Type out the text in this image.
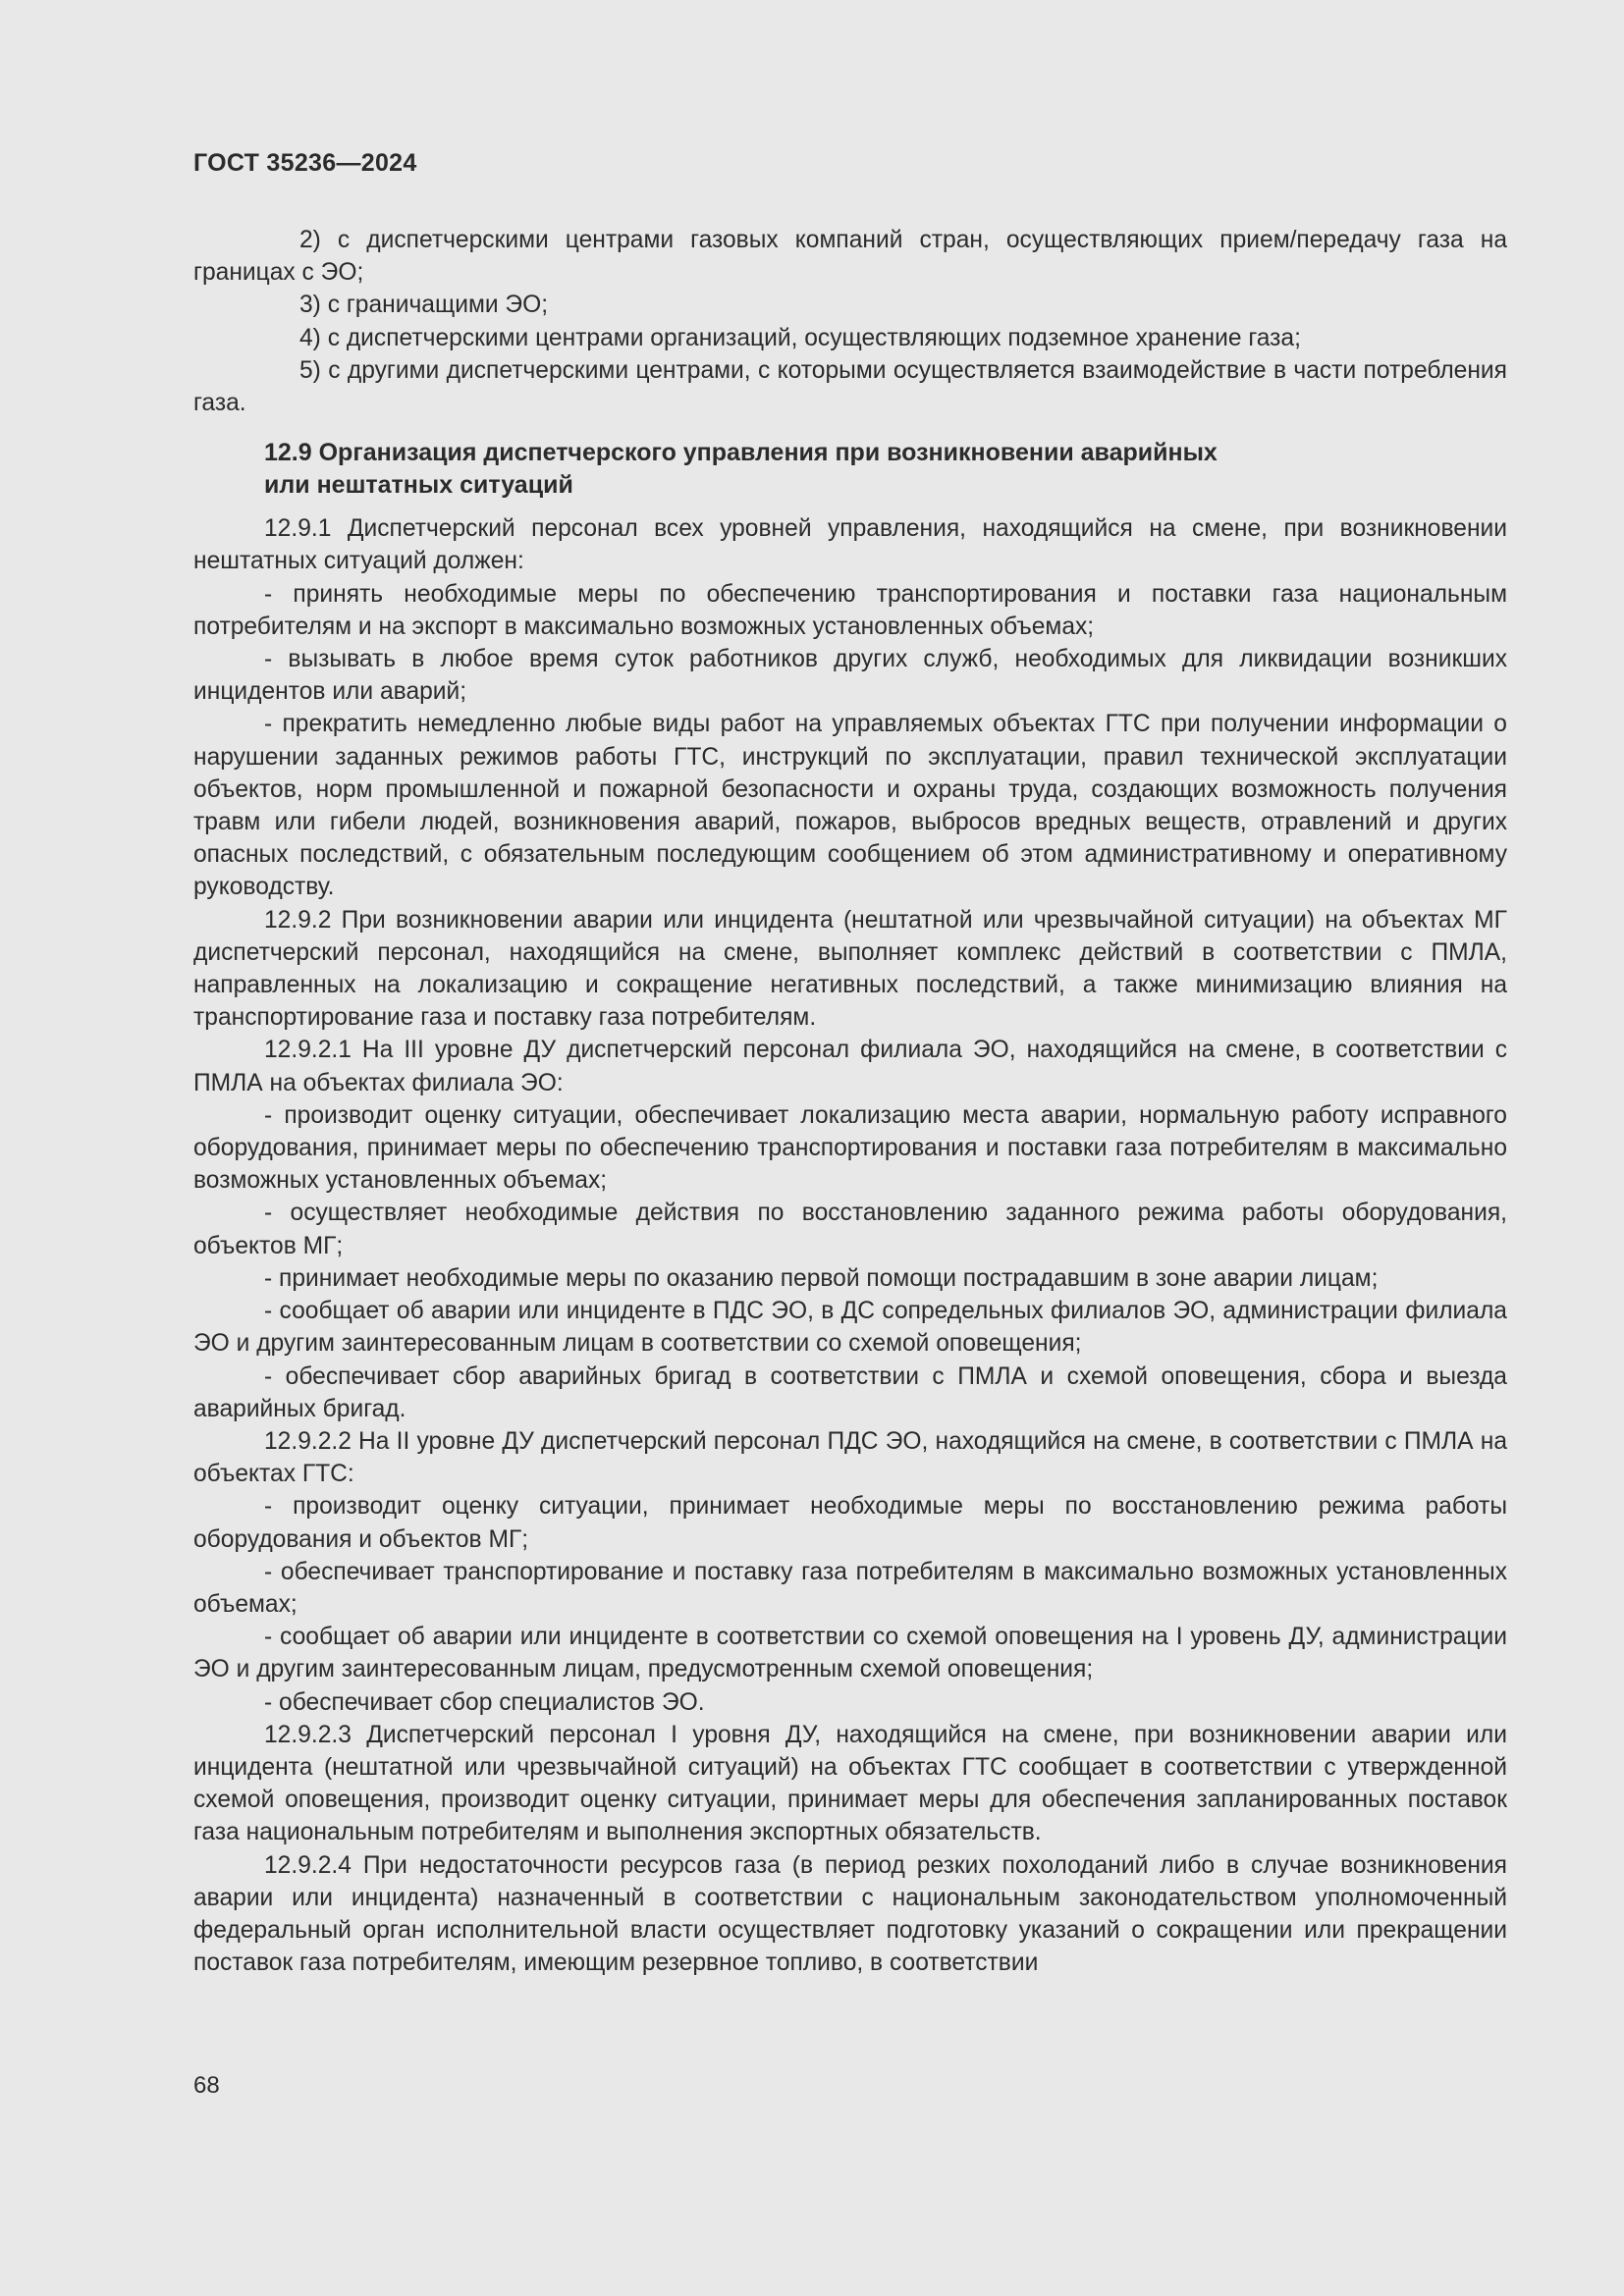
ГОСТ 35236—2024

2) с диспетчерскими центрами газовых компаний стран, осуществляющих прием/передачу газа на границах с ЭО;

3) с граничащими ЭО;

4) с диспетчерскими центрами организаций, осуществляющих подземное хранение газа;

5) с другими диспетчерскими центрами, с которыми осуществляется взаимодействие в части потребления газа.

12.9 Организация диспетчерского управления при возникновении аварийных
или нештатных ситуаций

12.9.1 Диспетчерский персонал всех уровней управления, находящийся на смене, при возникновении нештатных ситуаций должен:

- принять необходимые меры по обеспечению транспортирования и поставки газа национальным потребителям и на экспорт в максимально возможных установленных объемах;

- вызывать в любое время суток работников других служб, необходимых для ликвидации возникших инцидентов или аварий;

- прекратить немедленно любые виды работ на управляемых объектах ГТС при получении информации о нарушении заданных режимов работы ГТС, инструкций по эксплуатации, правил технической эксплуатации объектов, норм промышленной и пожарной безопасности и охраны труда, создающих возможность получения травм или гибели людей, возникновения аварий, пожаров, выбросов вредных веществ, отравлений и других опасных последствий, с обязательным последующим сообщением об этом административному и оперативному руководству.

12.9.2 При возникновении аварии или инцидента (нештатной или чрезвычайной ситуации) на объектах МГ диспетчерский персонал, находящийся на смене, выполняет комплекс действий в соответствии с ПМЛА, направленных на локализацию и сокращение негативных последствий, а также минимизацию влияния на транспортирование газа и поставку газа потребителям.

12.9.2.1 На III уровне ДУ диспетчерский персонал филиала ЭО, находящийся на смене, в соответствии с ПМЛА на объектах филиала ЭО:

- производит оценку ситуации, обеспечивает локализацию места аварии, нормальную работу исправного оборудования, принимает меры по обеспечению транспортирования и поставки газа потребителям в максимально возможных установленных объемах;

- осуществляет необходимые действия по восстановлению заданного режима работы оборудования, объектов МГ;

- принимает необходимые меры по оказанию первой помощи пострадавшим в зоне аварии лицам;

- сообщает об аварии или инциденте в ПДС ЭО, в ДС сопредельных филиалов ЭО, администрации филиала ЭО и другим заинтересованным лицам в соответствии со схемой оповещения;

- обеспечивает сбор аварийных бригад в соответствии с ПМЛА и схемой оповещения, сбора и выезда аварийных бригад.

12.9.2.2 На II уровне ДУ диспетчерский персонал ПДС ЭО, находящийся на смене, в соответствии с ПМЛА на объектах ГТС:

- производит оценку ситуации, принимает необходимые меры по восстановлению режима работы оборудования и объектов МГ;

- обеспечивает транспортирование и поставку газа потребителям в максимально возможных установленных объемах;

- сообщает об аварии или инциденте в соответствии со схемой оповещения на I уровень ДУ, администрации ЭО и другим заинтересованным лицам, предусмотренным схемой оповещения;

- обеспечивает сбор специалистов ЭО.

12.9.2.3 Диспетчерский персонал I уровня ДУ, находящийся на смене, при возникновении аварии или инцидента (нештатной или чрезвычайной ситуаций) на объектах ГТС сообщает в соответствии с утвержденной схемой оповещения, производит оценку ситуации, принимает меры для обеспечения запланированных поставок газа национальным потребителям и выполнения экспортных обязательств.

12.9.2.4 При недостаточности ресурсов газа (в период резких похолоданий либо в случае возникновения аварии или инцидента) назначенный в соответствии с национальным законодательством уполномоченный федеральный орган исполнительной власти осуществляет подготовку указаний о сокращении или прекращении поставок газа потребителям, имеющим резервное топливо, в соответствии

68
